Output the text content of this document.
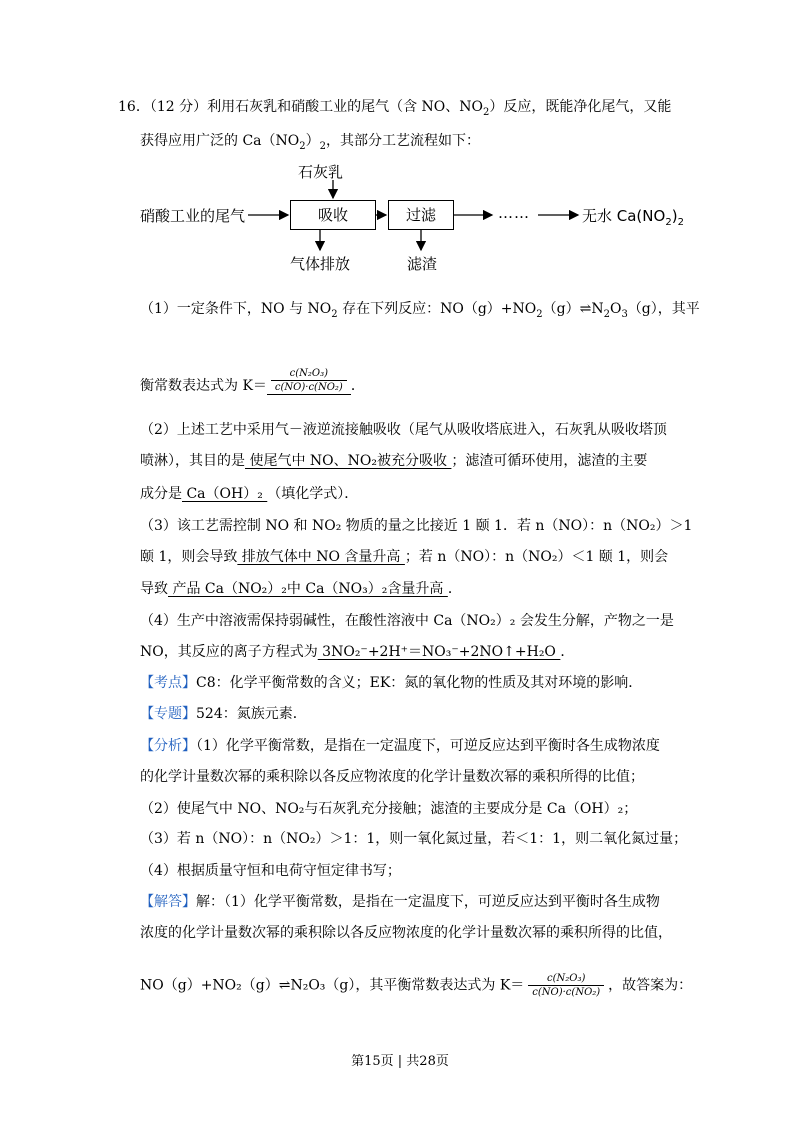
16．（12 分）利用石灰乳和硝酸工业的尾气（含 NO、$NO_2$）反应，既能净化尾气，又能
获得应用广泛的 $Ca(NO_2)_2$，其部分工艺流程如下：
石灰乳
硝酸工业的尾气	吸收	过滤	……	无水 $Ca(NO_2)_2$
气体排放	滤渣
（1）一定条件下，NO 与 $NO_2$ 存在下列反应：$NO(g)+NO_2(g)\rightleftharpoons N_2O_3(g)$，其平
衡常数表达式为 $K= \frac{\text{c(N₂O₃)}}{\text{c(NO)·c(NO₂)}}$ ．
（2）上述工艺中采用气－液逆流接触吸收（尾气从吸收塔底进入，石灰乳从吸收塔顶
喷淋），其目的是 使尾气中 NO、NO₂被充分吸收 ；滤渣可循环使用，滤渣的主要
成分是 Ca（OH）₂ （填化学式）．
（3）该工艺需控制 NO 和 NO₂ 物质的量之比接近 1 颐 1．若 n（NO）：n（NO₂）＞1
颐 1，则会导致 排放气体中 NO 含量升高 ；若 n（NO）：n（NO₂）＜1 颐 1，则会
导致 产品 Ca（NO₂）₂中 Ca（NO₃）₂含量升高 ．
（4）生产中溶液需保持弱碱性，在酸性溶液中 Ca（NO₂）₂ 会发生分解，产物之一是
NO，其反应的离子方程式为 3NO₂⁻+2H⁺＝NO₃⁻+2NO↑+H₂O ．
【考点】C8：化学平衡常数的含义；EK：氮的氧化物的性质及其对环境的影响．
【专题】524：氮族元素．
【分析】（1）化学平衡常数，是指在一定温度下，可逆反应达到平衡时各生成物浓度
的化学计量数次幂的乘积除以各反应物浓度的化学计量数次幂的乘积所得的比值；
（2）使尾气中 NO、NO₂与石灰乳充分接触；滤渣的主要成分是 Ca（OH）₂；
（3）若 n（NO）：n（NO₂）＞1：1，则一氧化氮过量，若＜1：1，则二氧化氮过量；
（4）根据质量守恒和电荷守恒定律书写；
【解答】解：（1）化学平衡常数，是指在一定温度下，可逆反应达到平衡时各生成物
浓度的化学计量数次幂的乘积除以各反应物浓度的化学计量数次幂的乘积所得的比值，
NO（g）+NO₂（g）⇌N₂O₃（g），其平衡常数表达式为 $K= \frac{\text{c(N₂O₃)}}{\text{c(NO)·c(NO₂)}}$ ，故答案为：
第15页 | 共28页
